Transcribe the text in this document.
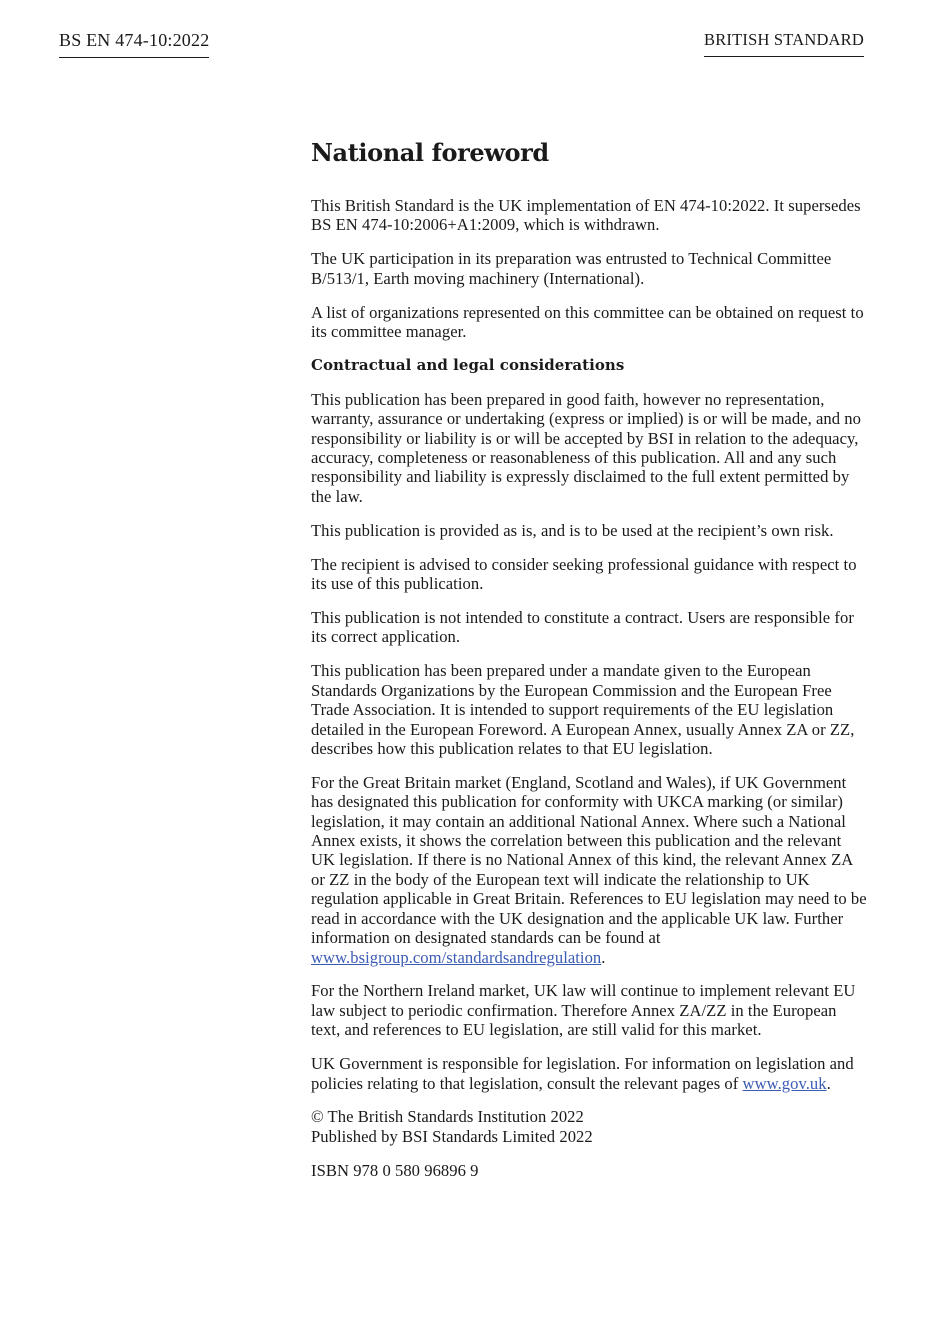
BS EN 474-10:2022	BRITISH STANDARD
National foreword

This British Standard is the UK implementation of EN 474-10:2022. It supersedes BS EN 474-10:2006+A1:2009, which is withdrawn.

The UK participation in its preparation was entrusted to Technical Committee B/513/1, Earth moving machinery (International).

A list of organizations represented on this committee can be obtained on request to its committee manager.

Contractual and legal considerations

This publication has been prepared in good faith, however no representation, warranty, assurance or undertaking (express or implied) is or will be made, and no responsibility or liability is or will be accepted by BSI in relation to the adequacy, accuracy, completeness or reasonableness of this publication. All and any such responsibility and liability is expressly disclaimed to the full extent permitted by the law.

This publication is provided as is, and is to be used at the recipient’s own risk.

The recipient is advised to consider seeking professional guidance with respect to its use of this publication.

This publication is not intended to constitute a contract. Users are responsible for its correct application.

This publication has been prepared under a mandate given to the European Standards Organizations by the European Commission and the European Free Trade Association. It is intended to support requirements of the EU legislation detailed in the European Foreword. A European Annex, usually Annex ZA or ZZ, describes how this publication relates to that EU legislation.

For the Great Britain market (England, Scotland and Wales), if UK Government has designated this publication for conformity with UKCA marking (or similar) legislation, it may contain an additional National Annex. Where such a National Annex exists, it shows the correlation between this publication and the relevant UK legislation. If there is no National Annex of this kind, the relevant Annex ZA or ZZ in the body of the European text will indicate the relationship to UK regulation applicable in Great Britain. References to EU legislation may need to be read in accordance with the UK designation and the applicable UK law. Further information on designated standards can be found at www.bsigroup.com/standardsandregulation.

For the Northern Ireland market, UK law will continue to implement relevant EU law subject to periodic confirmation. Therefore Annex ZA/ZZ in the European text, and references to EU legislation, are still valid for this market.

UK Government is responsible for legislation. For information on legislation and policies relating to that legislation, consult the relevant pages of www.gov.uk.

© The British Standards Institution 2022
Published by BSI Standards Limited 2022

ISBN 978 0 580 96896 9
